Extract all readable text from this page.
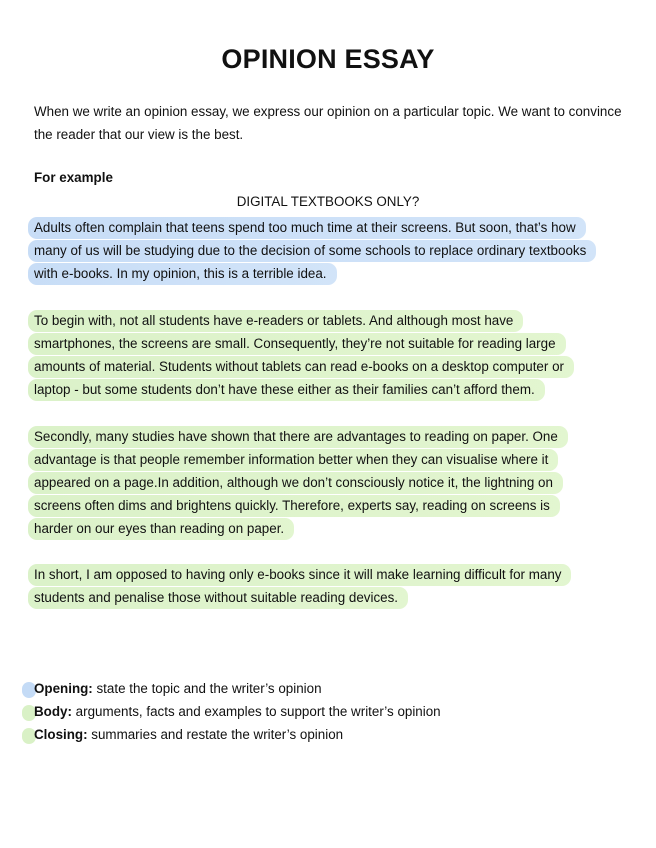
OPINION ESSAY

When we write an opinion essay, we express our opinion on a particular topic. We want to convince the reader that our view is the best.

For example

DIGITAL TEXTBOOKS ONLY?

Adults often complain that teens spend too much time at their screens. But soon, that’s how
many of us will be studying due to the decision of some schools to replace ordinary textbooks
with e-books. In my opinion, this is a terrible idea.
To begin with, not all students have e-readers or tablets. And although most have
smartphones, the screens are small. Consequently, they’re not suitable for reading large
amounts of material. Students without tablets can read e-books on a desktop computer or
laptop - but some students don’t have these either as their families can’t afford them.
Secondly, many studies have shown that there are advantages to reading on paper. One
advantage is that people remember information better when they can visualise where it
appeared on a page.In addition, although we don’t consciously notice it, the lightning on
screens often dims and brightens quickly. Therefore, experts say, reading on screens is
harder on our eyes than reading on paper.
In short, I am opposed to having only e-books since it will make learning difficult for many
students and penalise those without suitable reading devices.

Opening: state the topic and the writer’s opinion

Body: arguments, facts and examples to support the writer’s opinion

Closing: summaries and restate the writer’s opinion
